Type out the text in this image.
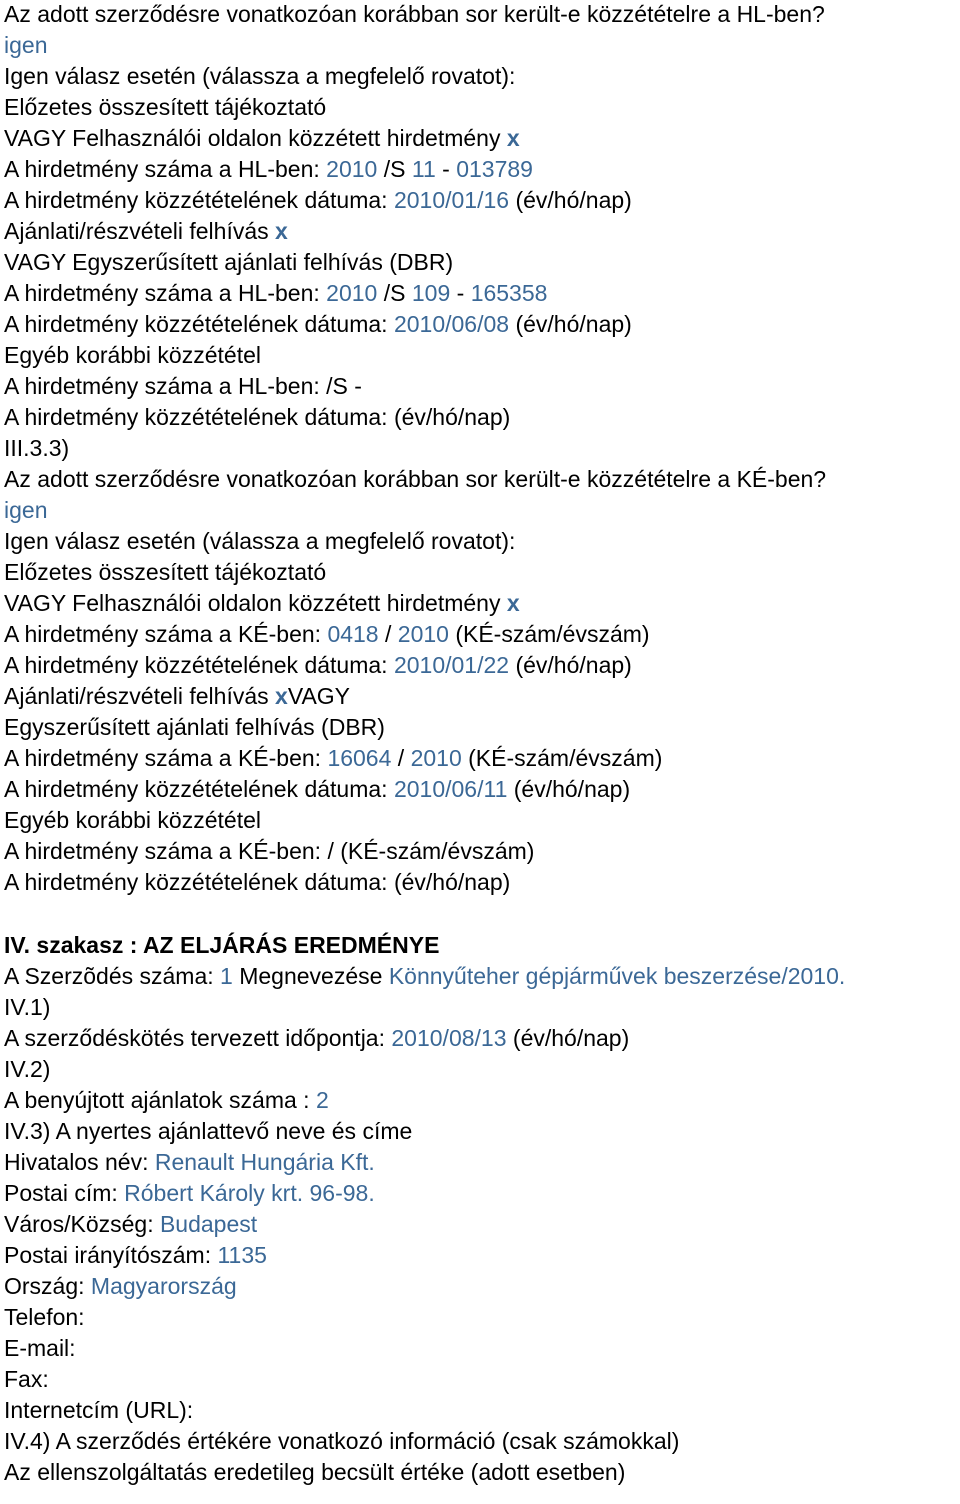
Az adott szerződésre vonatkozóan korábban sor került-e közzétételre a HL-ben?
igen
Igen válasz esetén (válassza a megfelelő rovatot):
Előzetes összesített tájékoztató
VAGY Felhasználói oldalon közzétett hirdetmény x
A hirdetmény száma a HL-ben: 2010 /S 11 - 013789
A hirdetmény közzétételének dátuma: 2010/01/16 (év/hó/nap)
Ajánlati/részvételi felhívás x
VAGY Egyszerűsített ajánlati felhívás (DBR)
A hirdetmény száma a HL-ben: 2010 /S 109 - 165358
A hirdetmény közzétételének dátuma: 2010/06/08 (év/hó/nap)
Egyéb korábbi közzététel
A hirdetmény száma a HL-ben: /S -
A hirdetmény közzétételének dátuma: (év/hó/nap)
III.3.3)
Az adott szerződésre vonatkozóan korábban sor került-e közzétételre a KÉ-ben?
igen
Igen válasz esetén (válassza a megfelelő rovatot):
Előzetes összesített tájékoztató
VAGY Felhasználói oldalon közzétett hirdetmény x
A hirdetmény száma a KÉ-ben: 0418 / 2010 (KÉ-szám/évszám)
A hirdetmény közzétételének dátuma: 2010/01/22 (év/hó/nap)
Ajánlati/részvételi felhívás xVAGY
Egyszerűsített ajánlati felhívás (DBR)
A hirdetmény száma a KÉ-ben: 16064 / 2010 (KÉ-szám/évszám)
A hirdetmény közzétételének dátuma: 2010/06/11 (év/hó/nap)
Egyéb korábbi közzététel
A hirdetmény száma a KÉ-ben: / (KÉ-szám/évszám)
A hirdetmény közzétételének dátuma: (év/hó/nap)
IV. szakasz : AZ ELJÁRÁS EREDMÉNYE
A Szerzõdés száma: 1 Megnevezése Könnyűteher gépjárművek beszerzése/2010.
IV.1)
A szerződéskötés tervezett időpontja: 2010/08/13 (év/hó/nap)
IV.2)
A benyújtott ajánlatok száma : 2
IV.3) A nyertes ajánlattevő neve és címe
Hivatalos név: Renault Hungária Kft.
Postai cím: Róbert Károly krt. 96-98.
Város/Község: Budapest
Postai irányítószám: 1135
Ország: Magyarország
Telefon:
E-mail:
Fax:
Internetcím (URL):
IV.4) A szerződés értékére vonatkozó információ (csak számokkal)
Az ellenszolgáltatás eredetileg becsült értéke (adott esetben)
